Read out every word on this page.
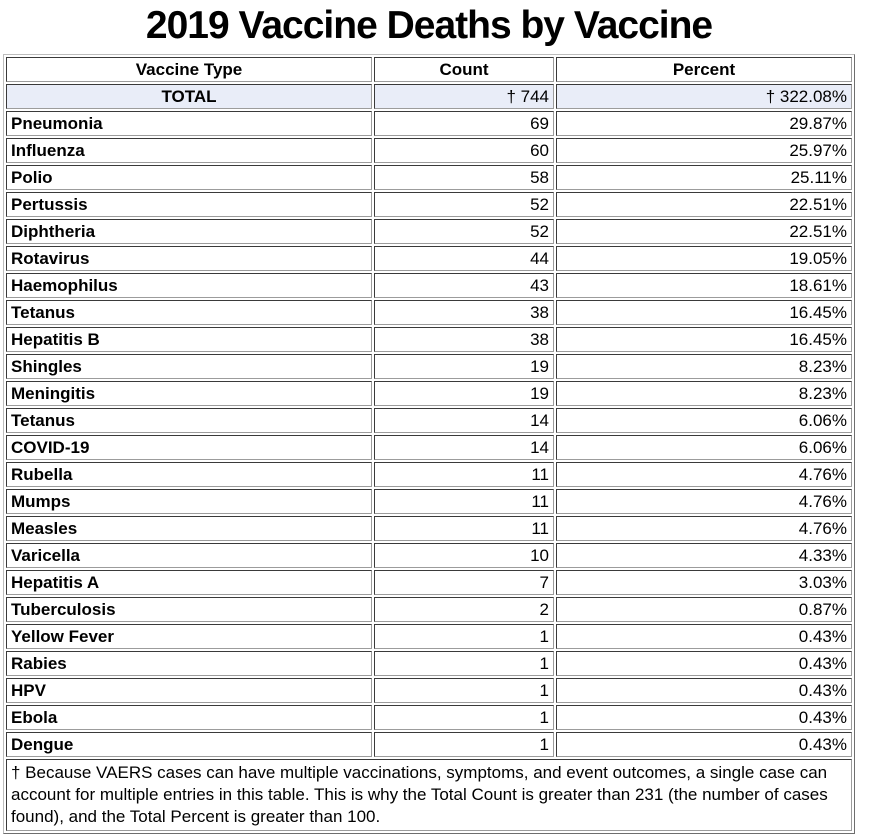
2019 Vaccine Deaths by Vaccine
Vaccine Type	Count	Percent
TOTAL	† 744	† 322.08%
Pneumonia	69	29.87%
Influenza	60	25.97%
Polio	58	25.11%
Pertussis	52	22.51%
Diphtheria	52	22.51%
Rotavirus	44	19.05%
Haemophilus	43	18.61%
Tetanus	38	16.45%
Hepatitis B	38	16.45%
Shingles	19	8.23%
Meningitis	19	8.23%
Tetanus	14	6.06%
COVID-19	14	6.06%
Rubella	11	4.76%
Mumps	11	4.76%
Measles	11	4.76%
Varicella	10	4.33%
Hepatitis A	7	3.03%
Tuberculosis	2	0.87%
Yellow Fever	1	0.43%
Rabies	1	0.43%
HPV	1	0.43%
Ebola	1	0.43%
Dengue	1	0.43%
† Because VAERS cases can have multiple vaccinations, symptoms, and event outcomes, a single case can account for multiple entries in this table. This is why the Total Count is greater than 231 (the number of cases found), and the Total Percent is greater than 100.		
